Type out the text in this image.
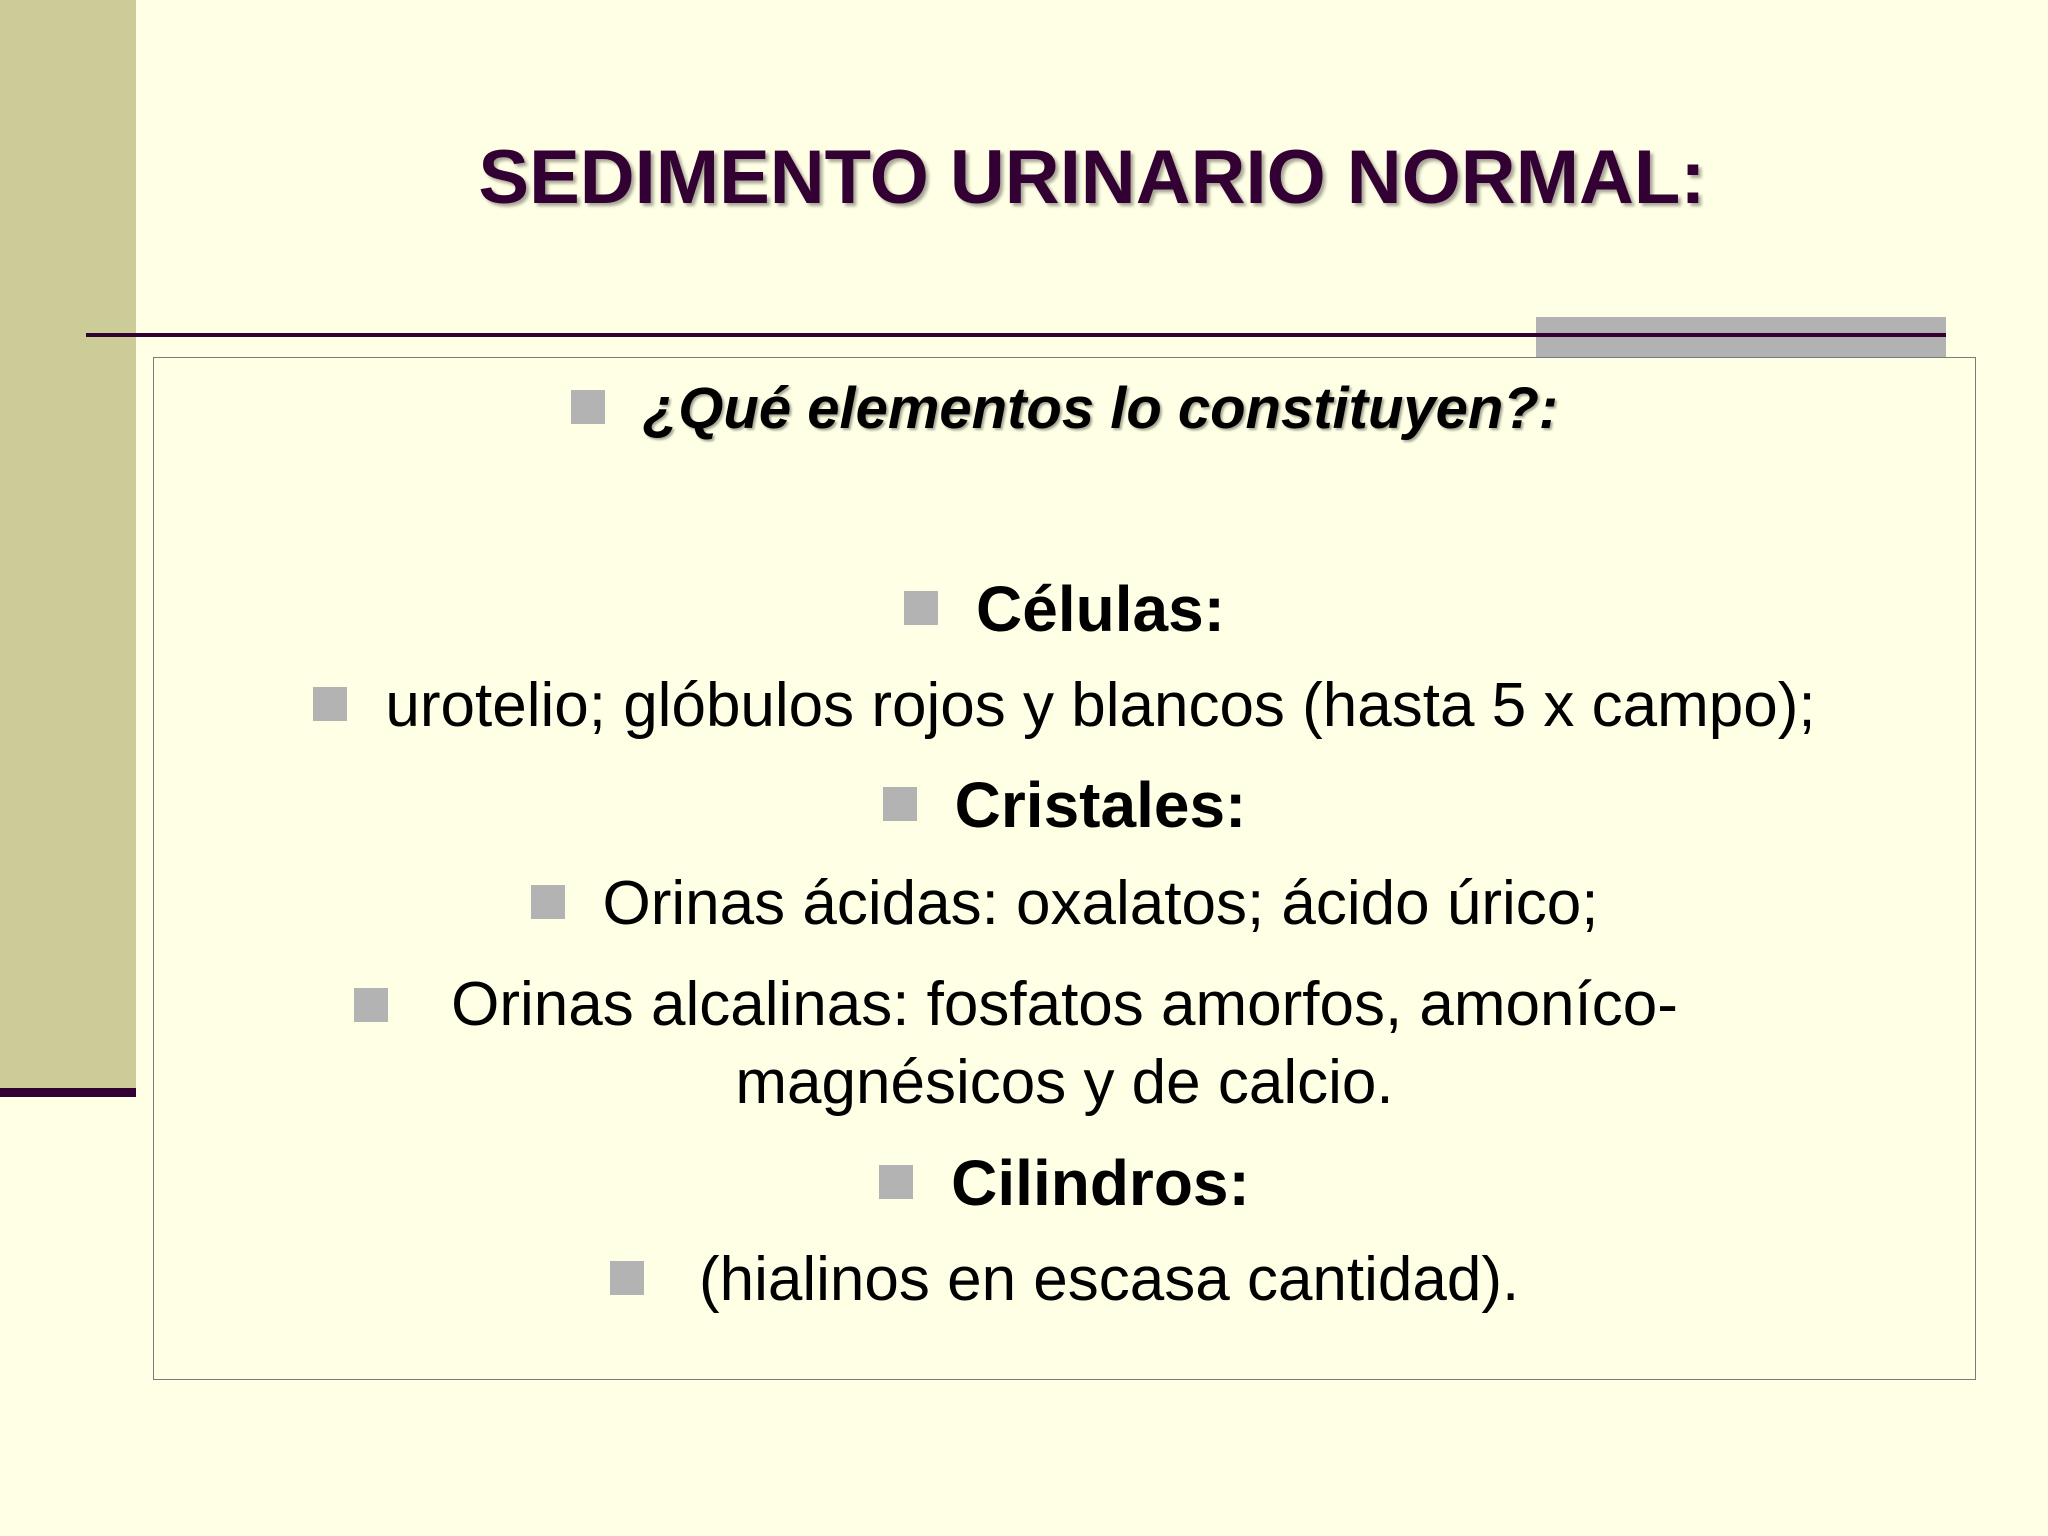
SEDIMENTO URINARIO NORMAL:
¿Qué elementos lo constituyen?:
Células:
urotelio; glóbulos rojos y blancos (hasta 5 x campo);
Cristales:
Orinas ácidas: oxalatos; ácido úrico;
Orinas alcalinas: fosfatos amorfos, amoníco-magnésicos y de calcio.
Cilindros:
(hialinos en escasa cantidad).
